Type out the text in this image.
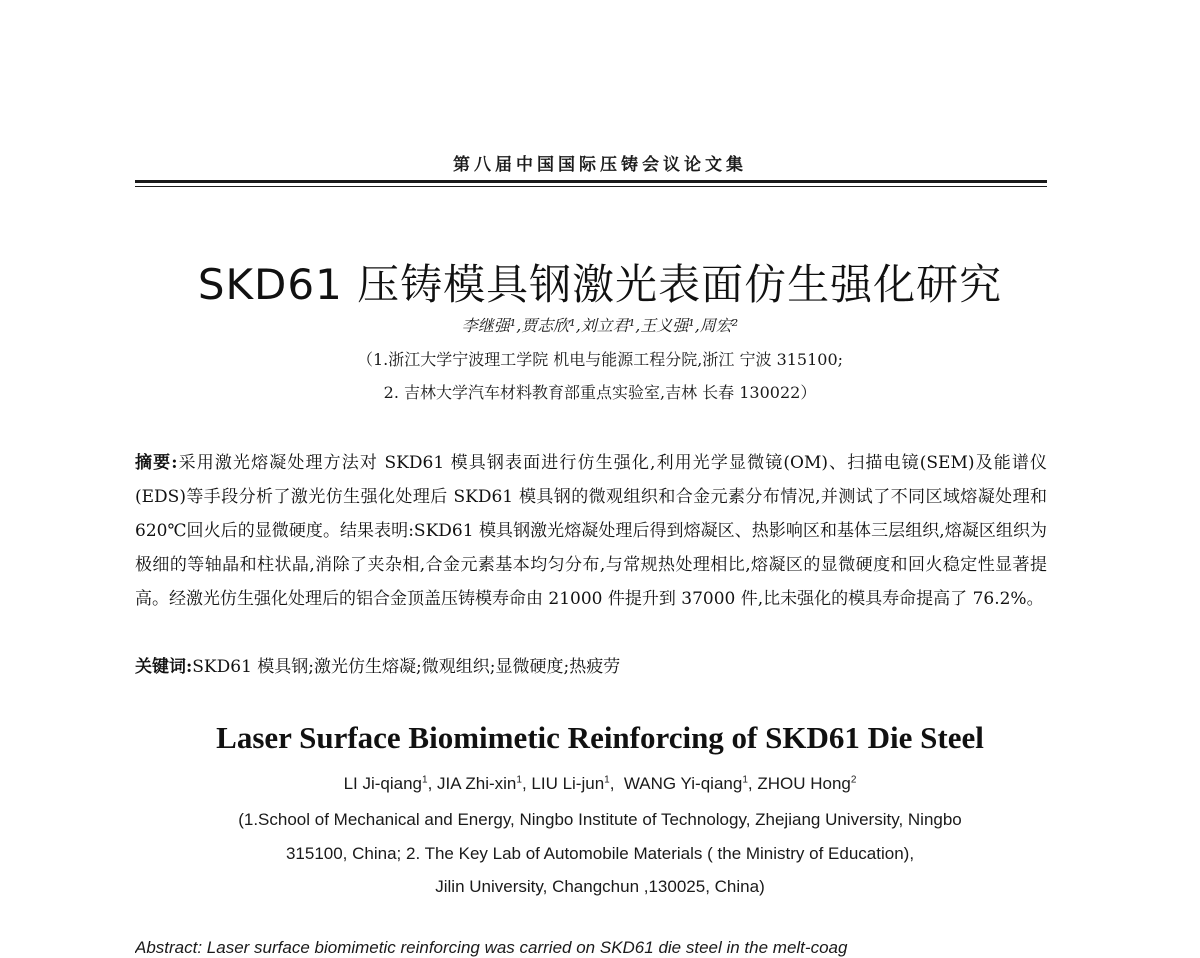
第八届中国国际压铸会议论文集
SKD61 压铸模具钢激光表面仿生强化研究
李继强¹,贾志欣¹,刘立君¹,王义强¹,周宏²
（1.浙江大学宁波理工学院 机电与能源工程分院,浙江 宁波 315100;
2. 吉林大学汽车材料教育部重点实验室,吉林 长春 130022）
摘要:采用激光熔凝处理方法对 SKD61 模具钢表面进行仿生强化,利用光学显微镜(OM)、扫描电镜(SEM)及能谱仪(EDS)等手段分析了激光仿生强化处理后 SKD61 模具钢的微观组织和合金元素分布情况,并测试了不同区域熔凝处理和 620℃回火后的显微硬度。结果表明:SKD61 模具钢激光熔凝处理后得到熔凝区、热影响区和基体三层组织,熔凝区组织为极细的等轴晶和柱状晶,消除了夹杂相,合金元素基本均匀分布,与常规热处理相比,熔凝区的显微硬度和回火稳定性显著提高。经激光仿生强化处理后的铝合金顶盖压铸模寿命由 21000 件提升到 37000 件,比未强化的模具寿命提高了 76.2%。
关键词:SKD61 模具钢;激光仿生熔凝;微观组织;显微硬度;热疲劳
Laser Surface Biomimetic Reinforcing of SKD61 Die Steel
LI Ji-qiang$^1$, JIA Zhi-xin$^1$, LIU Li-jun$^1$,  WANG Yi-qiang$^1$, ZHOU Hong$^2$
(1.School of Mechanical and Energy, Ningbo Institute of Technology, Zhejiang University, Ningbo
315100, China; 2. The Key Lab of Automobile Materials ( the Ministry of Education),
Jilin University, Changchun ,130025, China)
Abstract: Laser surface biomimetic reinforcing was carried on SKD61 die steel in the melt-coag
